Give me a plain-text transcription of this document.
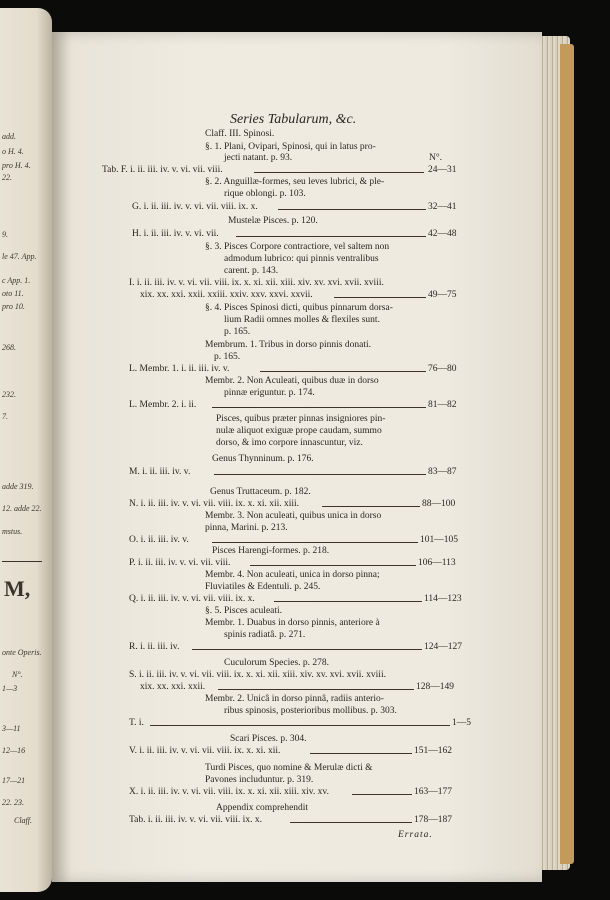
add.
o H. 4.
pro H. 4.
22.
9.
le 47. App.
c App. 1.
oto 11.
pro 10.
268.
232.
7.
adde 319.
12. adde 22.
mstus.
M,
onte Operis.
N°.
1—3
3—11
12—16
17—21
22. 23.
Claff.
Series Tabularum, &c.
Claff. III. Spinosi.
§. 1. Plani, Ovipari, Spinosi, qui in latus pro-
jecti natant. p. 93.	N°.
Tab. F. i. ii. iii. iv. v. vi. vii. viii.	24—31
§. 2. Anguillæ-formes, seu leves lubrici, & ple-
rique oblongi. p. 103.
G. i. ii. iii. iv. v. vi. vii. viii. ix. x.	32—41
Mustelæ Pisces. p. 120.
H. i. ii. iii. iv. v. vi. vii.	42—48
§. 3. Pisces Corpore contractiore, vel saltem non
admodum lubrico: qui pinnis ventralibus
carent. p. 143.
I. i. ii. iii. iv. v. vi. vii. viii. ix. x. xi. xii. xiii. xiv. xv. xvi. xvii. xviii.
xix. xx. xxi. xxii. xxiii. xxiv. xxv. xxvi. xxvii.	49—75
§. 4. Pisces Spinosi dicti, quibus pinnarum dorsa-
lium Radii omnes molles & flexiles sunt.
p. 165.
Membrum. 1. Tribus in dorso pinnis donati.
p. 165.
L. Membr. 1. i. ii. iii. iv. v.	76—80
Membr. 2. Non Aculeati, quibus duæ in dorso
pinnæ eriguntur. p. 174.
L. Membr. 2. i. ii.	81—82
Pisces, quibus præter pinnas insigniores pin-
nulæ aliquot exiguæ prope caudam, summo
dorso, & imo corpore innascuntur, viz.
Genus Thynninum. p. 176.
M. i. ii. iii. iv. v.	83—87
Genus Truttaceum. p. 182.
N. i. ii. iii. iv. v. vi. vii. viii. ix. x. xi. xii. xiii.	88—100
Membr. 3. Non aculeati, quibus unica in dorso
pinna, Marini. p. 213.
O. i. ii. iii. iv. v.	101—105
Pisces Harengi-formes. p. 218.
P. i. ii. iii. iv. v. vi. vii. viii.	106—113
Membr. 4. Non aculeati, unica in dorso pinna;
Fluviatiles & Edentuli. p. 245.
Q. i. ii. iii. iv. v. vi. vii. viii. ix. x.	114—123
§. 5. Pisces aculeati.
Membr. 1. Duabus in dorso pinnis, anteriore à
spinis radiatâ. p. 271.
R. i. ii. iii. iv.	124—127
Cuculorum Species. p. 278.
S. i. ii. iii. iv. v. vi. vii. viii. ix. x. xi. xii. xiii. xiv. xv. xvi. xvii. xviii.
xix. xx. xxi. xxii.	128—149
Membr. 2. Unicâ in dorso pinnâ, radiis anterio-
ribus spinosis, posterioribus mollibus. p. 303.
T. i.	1—5
Scari Pisces. p. 304.
V. i. ii. iii. iv. v. vi. vii. viii. ix. x. xi. xii.	151—162
Turdi Pisces, quo nomine & Merulæ dicti &
Pavones includuntur. p. 319.
X. i. ii. iii. iv. v. vi. vii. viii. ix. x. xi. xii. xiii. xiv. xv.	163—177
Appendix comprehendit
Tab. i. ii. iii. iv. v. vi. vii. viii. ix. x.	178—187
Errata.
